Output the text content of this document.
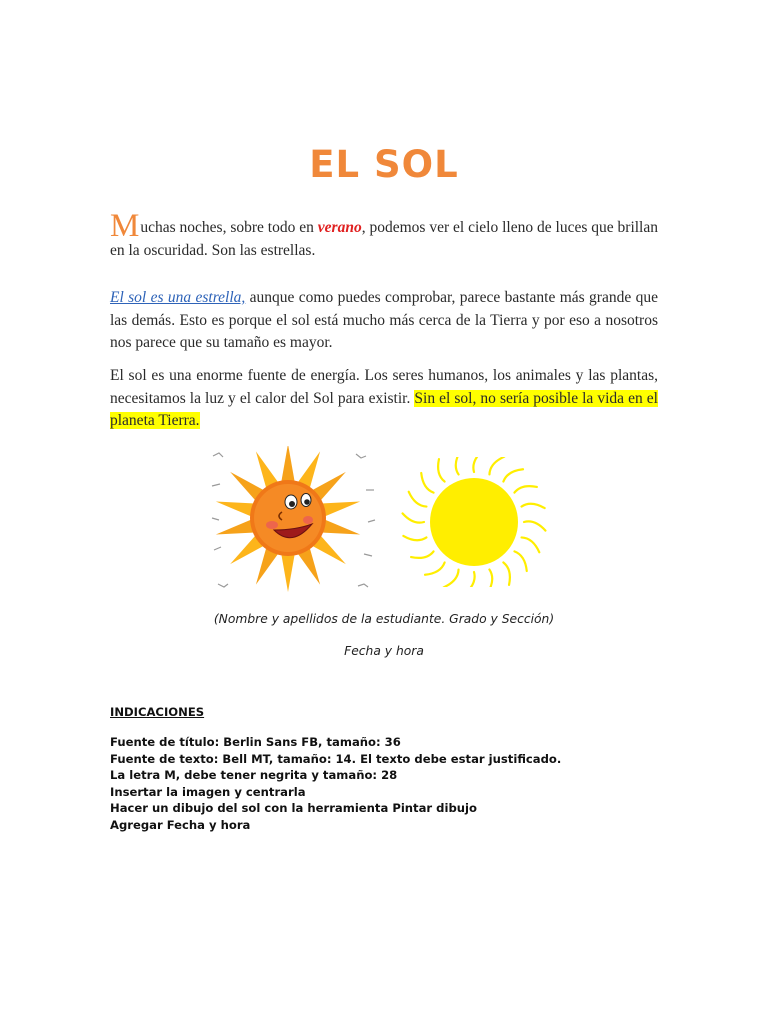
EL SOL
Muchas noches, sobre todo en verano, podemos ver el cielo lleno de luces que brillan en la oscuridad. Son las estrellas.
El sol es una estrella, aunque como puedes comprobar, parece bastante más grande que las demás. Esto es porque el sol está mucho más cerca de la Tierra y por eso a nosotros nos parece que su tamaño es mayor.
El sol es una enorme fuente de energía. Los seres humanos, los animales y las plantas, necesitamos la luz y el calor del Sol para existir. Sin el sol, no sería posible la vida en el planeta Tierra.
(Nombre y apellidos de la estudiante. Grado y Sección)
Fecha y hora
INDICACIONES
Fuente de título: Berlin Sans FB, tamaño: 36
Fuente de texto: Bell MT, tamaño: 14. El texto debe estar justificado.
La letra M, debe tener negrita y tamaño: 28
Insertar la imagen y centrarla
Hacer un dibujo del sol con la herramienta Pintar dibujo
Agregar Fecha y hora
